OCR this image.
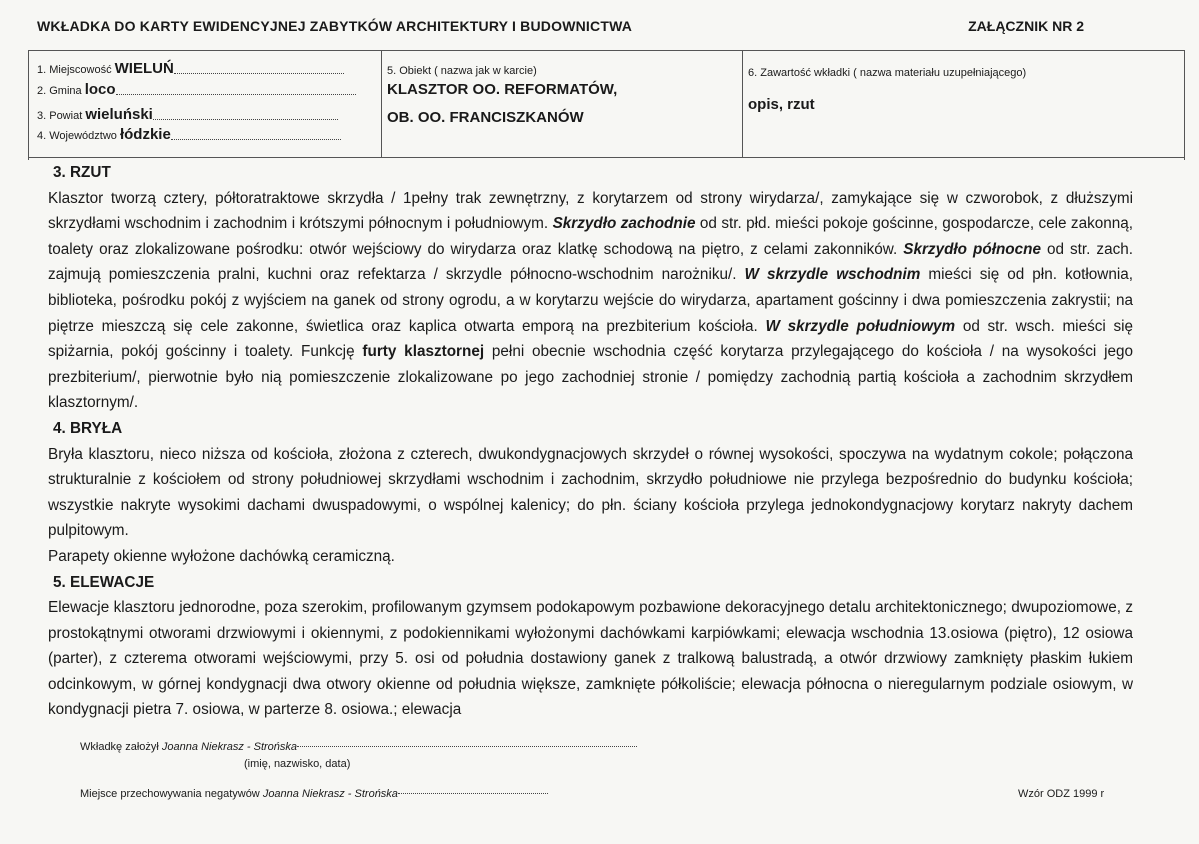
WKŁADKA DO KARTY EWIDENCYJNEJ ZABYTKÓW ARCHITEKTURY I BUDOWNICTWA	ZAŁĄCZNIK NR 2
1. Miejscowość WIELUŃ
2. Gmina loco
3. Powiat wieluński
4. Województwo łódzkie
5. Obiekt ( nazwa jak w karcie)
KLASZTOR OO. REFORMATÓW,
OB. OO. FRANCISZKANÓW
6. Zawartość wkładki ( nazwa materiału uzupełniającego)
opis, rzut
3. RZUT
Klasztor tworzą cztery, półtoratraktowe skrzydła / 1pełny trak zewnętrzny, z korytarzem od strony wirydarza/, zamykające się w czworobok, z dłuższymi skrzydłami wschodnim i zachodnim i krótszymi północnym i południowym. Skrzydło zachodnie od str. płd. mieści pokoje gościnne, gospodarcze, cele zakonną, toalety oraz zlokalizowane pośrodku: otwór wejściowy do wirydarza oraz klatkę schodową na piętro, z celami zakonników. Skrzydło północne od str. zach. zajmują pomieszczenia pralni, kuchni oraz refektarza / skrzydle północno-wschodnim narożniku/. W skrzydle wschodnim mieści się od płn. kotłownia, biblioteka, pośrodku pokój z wyjściem na ganek od strony ogrodu, a w korytarzu wejście do wirydarza, apartament gościnny i dwa pomieszczenia zakrystii; na piętrze mieszczą się cele zakonne, świetlica oraz kaplica otwarta emporą na prezbiterium kościoła. W skrzydle południowym od str. wsch. mieści się spiżarnia, pokój gościnny i toalety. Funkcję furty klasztornej pełni obecnie wschodnia część korytarza przylegającego do kościoła / na wysokości jego prezbiterium/, pierwotnie było nią pomieszczenie zlokalizowane po jego zachodniej stronie / pomiędzy zachodnią partią kościoła a zachodnim skrzydłem klasztornym/.
4. BRYŁA
Bryła klasztoru, nieco niższa od kościoła, złożona z czterech, dwukondygnacjowych skrzydeł o równej wysokości, spoczywa na wydatnym cokole; połączona strukturalnie z kościołem od strony południowej skrzydłami wschodnim i zachodnim, skrzydło południowe nie przylega bezpośrednio do budynku kościoła; wszystkie nakryte wysokimi dachami dwuspadowymi, o wspólnej kalenicy; do płn. ściany kościoła przylega jednokondygnacjowy korytarz nakryty dachem pulpitowym.
Parapety okienne wyłożone dachówką ceramiczną.
5. ELEWACJE
Elewacje klasztoru jednorodne, poza szerokim, profilowanym gzymsem podokapowym pozbawione dekoracyjnego detalu architektonicznego; dwupoziomowe, z prostokątnymi otworami drzwiowymi i okiennymi, z podokiennikami wyłożonymi dachówkami karpiówkami; elewacja wschodnia 13.osiowa (piętro), 12 osiowa (parter), z czterema otworami wejściowymi, przy 5. osi od południa dostawiony ganek z tralkową balustradą, a otwór drzwiowy zamknięty płaskim łukiem odcinkowym, w górnej kondygnacji dwa otwory okienne od południa większe, zamknięte półkoliście; elewacja północna o nieregularnym podziale osiowym, w kondygnacji pietra 7. osiowa, w parterze 8. osiowa.; elewacja
Wkładkę założył Joanna Niekrasz - Strońska
(imię, nazwisko, data)
Miejsce przechowywania negatywów Joanna Niekrasz - Strońska	Wzór ODZ 1999 r
